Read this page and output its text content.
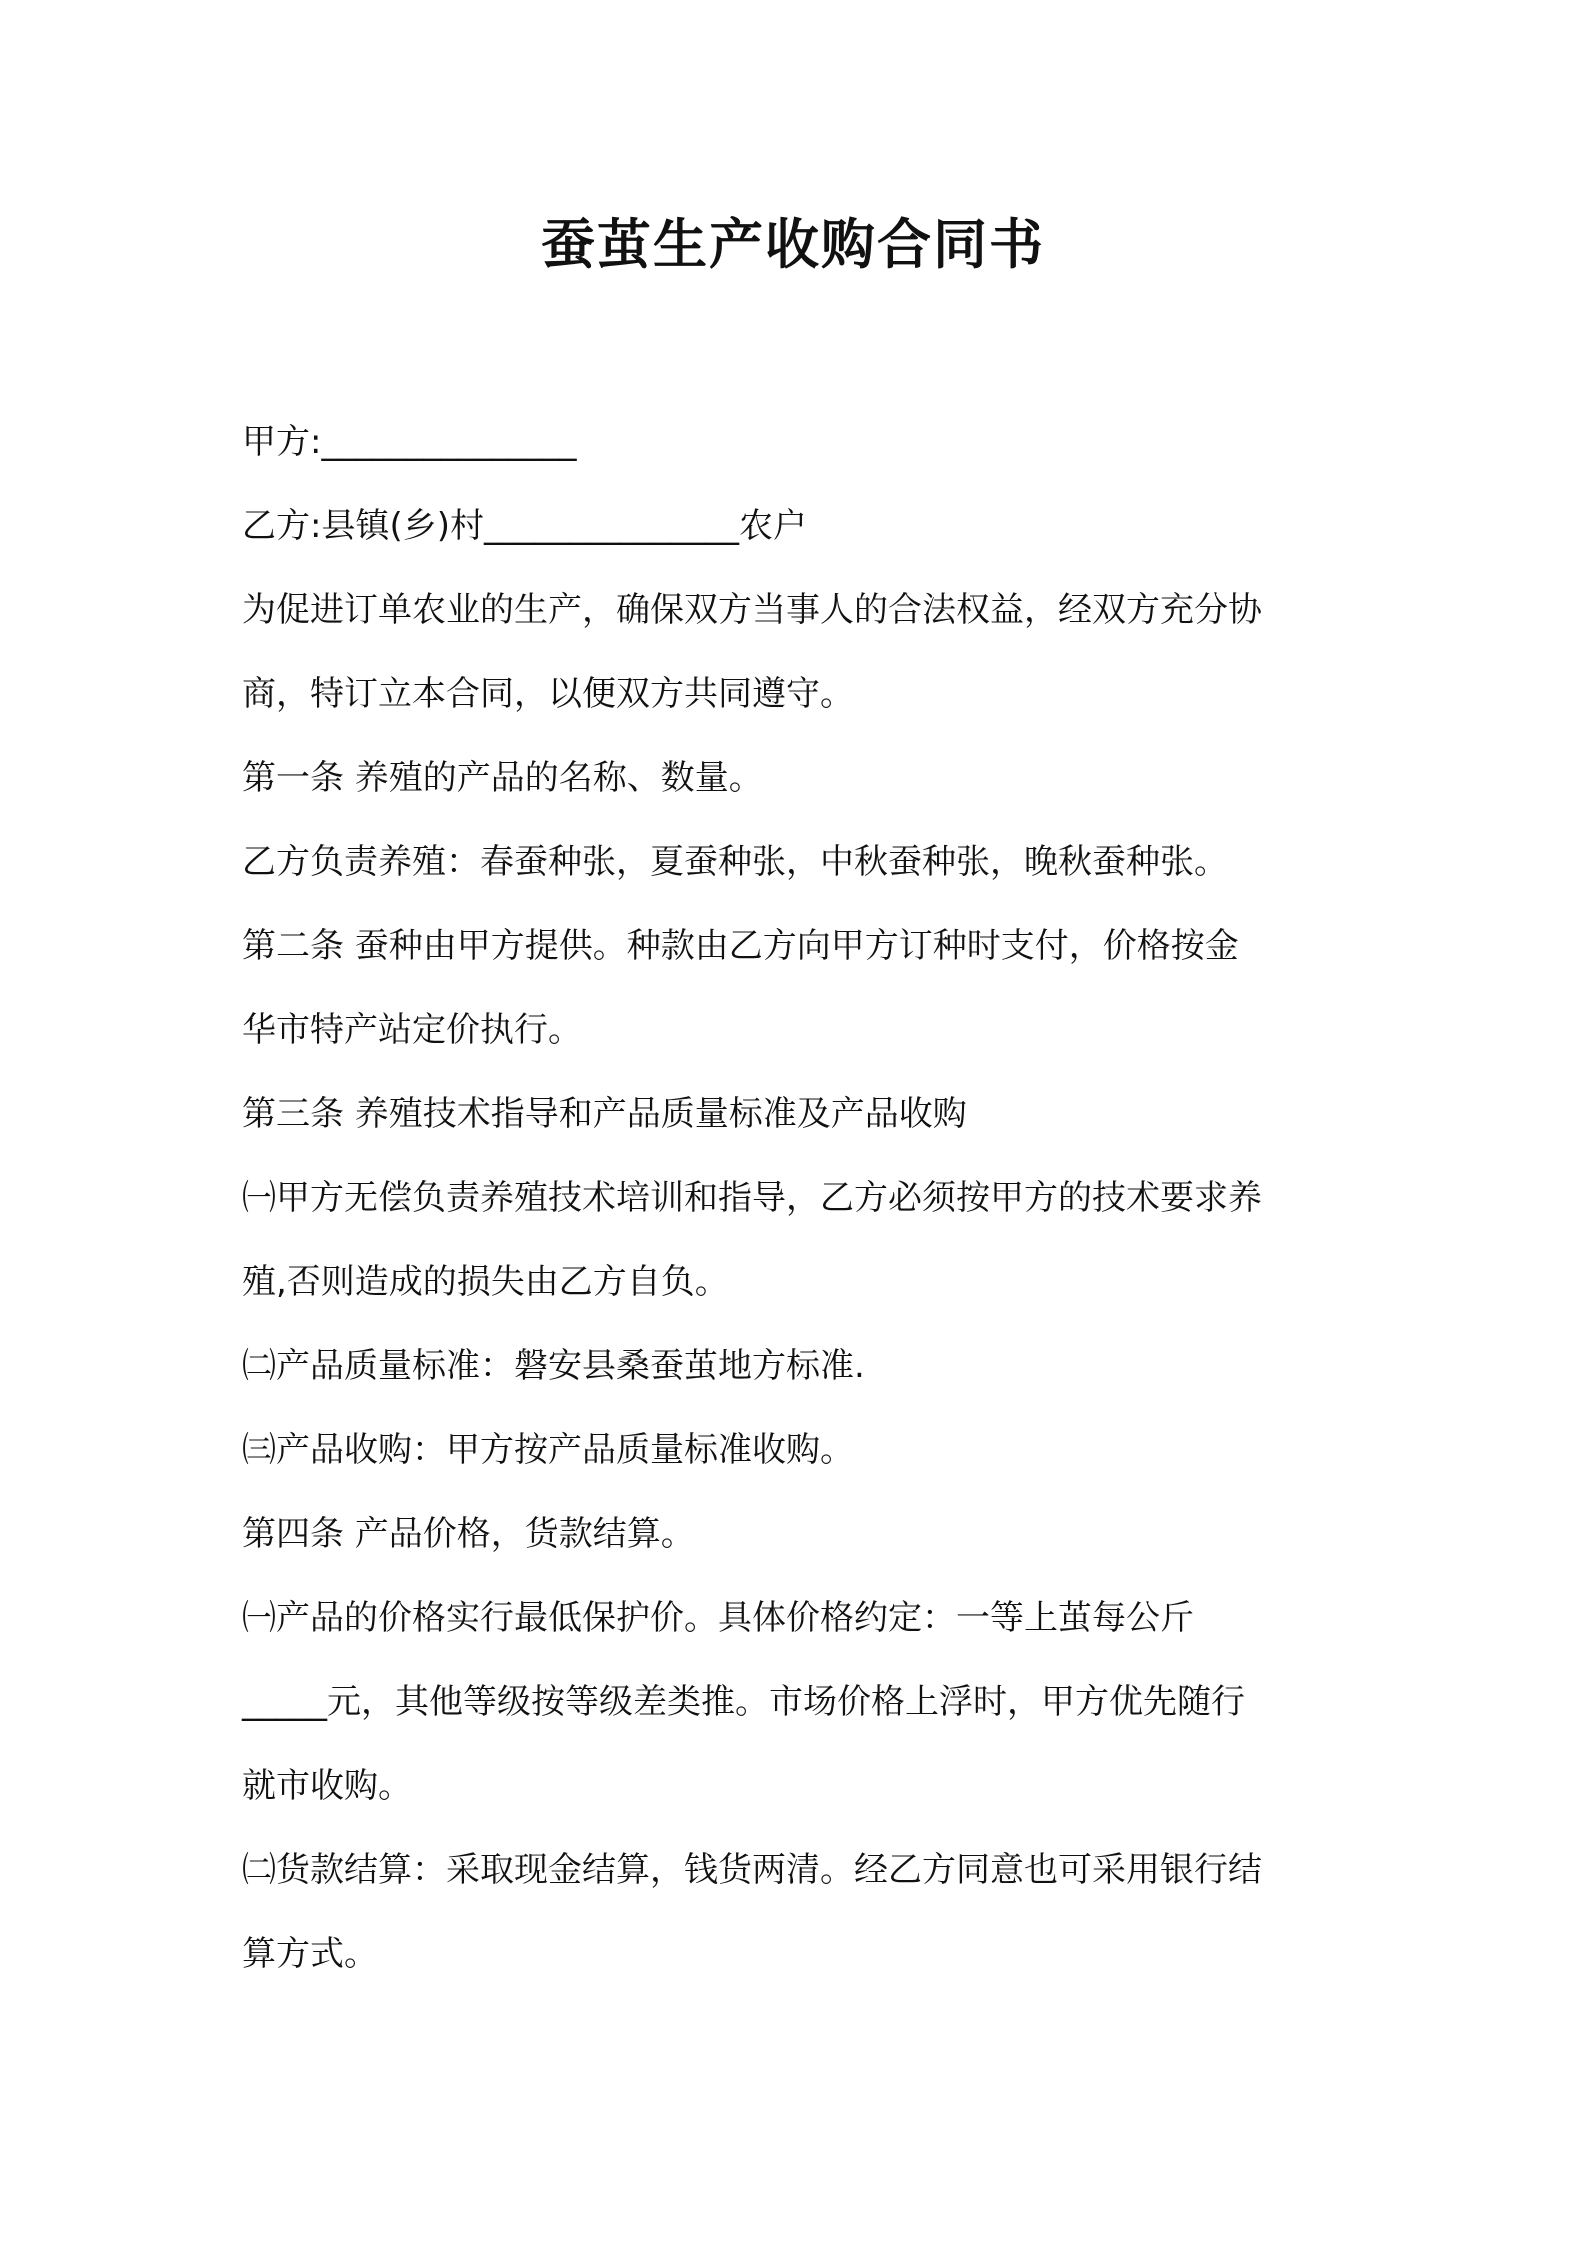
蚕茧生产收购合同书

甲方:_______________

乙方:县镇(乡)村_______________农户

为促进订单农业的生产，确保双方当事人的合法权益，经双方充分协

商，特订立本合同，以便双方共同遵守。

第一条 养殖的产品的名称、数量。

乙方负责养殖：春蚕种张，夏蚕种张，中秋蚕种张，晚秋蚕种张。

第二条 蚕种由甲方提供。种款由乙方向甲方订种时支付，价格按金

华市特产站定价执行。

第三条 养殖技术指导和产品质量标准及产品收购

㈠甲方无偿负责养殖技术培训和指导，乙方必须按甲方的技术要求养

殖,否则造成的损失由乙方自负。

㈡产品质量标准：磐安县桑蚕茧地方标准.

㈢产品收购：甲方按产品质量标准收购。

第四条 产品价格，货款结算。

㈠产品的价格实行最低保护价。具体价格约定：一等上茧每公斤

_____元，其他等级按等级差类推。市场价格上浮时，甲方优先随行

就市收购。

㈡货款结算：采取现金结算，钱货两清。经乙方同意也可采用银行结

算方式。
